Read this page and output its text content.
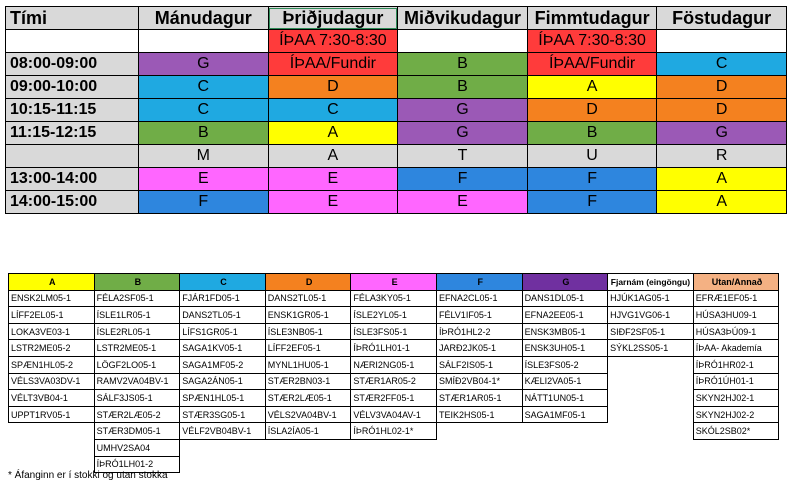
Tími	Mánudagur	Þriðjudagur	Miðvikudagur	Fimmtudagur	Föstudagur
		ÍÞAA 7:30-8:30		ÍÞAA 7:30-8:30	
08:00-09:00	G	ÍÞAA/Fundir	B	ÍÞAA/Fundir	C
09:00-10:00	C	D	B	A	D
10:15-11:15	C	C	G	D	D
11:15-12:15	B	A	G	B	G
	M	A	T	U	R
13:00-14:00	E	E	F	F	A
14:00-15:00	F	E	E	F	A
A	B	C	D	E	F	G	Fjarnám (eingöngu)	Utan/Annað
ENSK2LM05-1	FÉLA2SF05-1	FJÁR1FD05-1	DANS2TL05-1	FÉLA3KY05-1	EFNA2CL05-1	DANS1DL05-1	HJÚK1AG05-1	EFRÆ1EF05-1
LÍFF2EL05-1	ÍSLE1LR05-1	DANS2TL05-1	ENSK1GR05-1	ÍSLE2YL05-1	FÉLV1IF05-1	EFNA2EE05-1	HJVG1VG06-1	HÚSA3HU09-1
LOKA3VE03-1	ÍSLE2RL05-1	LÍFS1GR05-1	ÍSLE3NB05-1	ÍSLE3FS05-1	ÍÞRÓ1HL2-2	ENSK3MB05-1	SIÐF2SF05-1	HÚSA3ÞÚ09-1
LSTR2ME05-2	LSTR2ME05-1	SAGA1KV05-1	LÍFF2EF05-1	ÍÞRÓ1LH01-1	JARÐ2JK05-1	ENSK3UH05-1	SÝKL2SS05-1	ÍÞAA- Akademía
SPÆN1HL05-2	LÖGF2LO05-1	SAGA1MF05-2	MYNL1HU05-1	NÆRI2NG05-1	SÁLF2IS05-1	ÍSLE3FS05-2		ÍÞRÓ1HR02-1
VÉLS3VA03DV-1	RAMV2VA04BV-1	SAGA2ÁN05-1	STÆR2BN03-1	STÆR1AR05-2	SMÍÐ2VB04-1*	KÆLI2VA05-1		ÍÞRÓ1ÚH01-1
VÉLT3VB04-1	SÁLF3JS05-1	SPÆN1HL05-1	STÆR2LÆ05-1	STÆR2FF05-1	STÆR1AR05-1	NÁTT1UN05-1		SKYN2HJ02-1
UPPT1RV05-1	STÆR2LÆ05-2	STÆR3SG05-1	VÉLS2VA04BV-1	VÉLV3VA04AV-1	TEIK2HS05-1	SAGA1MF05-1		SKYN2HJ02-2
	STÆR3DM05-1	VÉLF2VB04BV-1	ÍSLA2ÍA05-1	ÍÞRÓ1HL02-1*				SKÓL2SB02*
	UMHV2SA04							
	ÍÞRÓ1LH01-2							
* Áfanginn er í stokki og utan stokka
